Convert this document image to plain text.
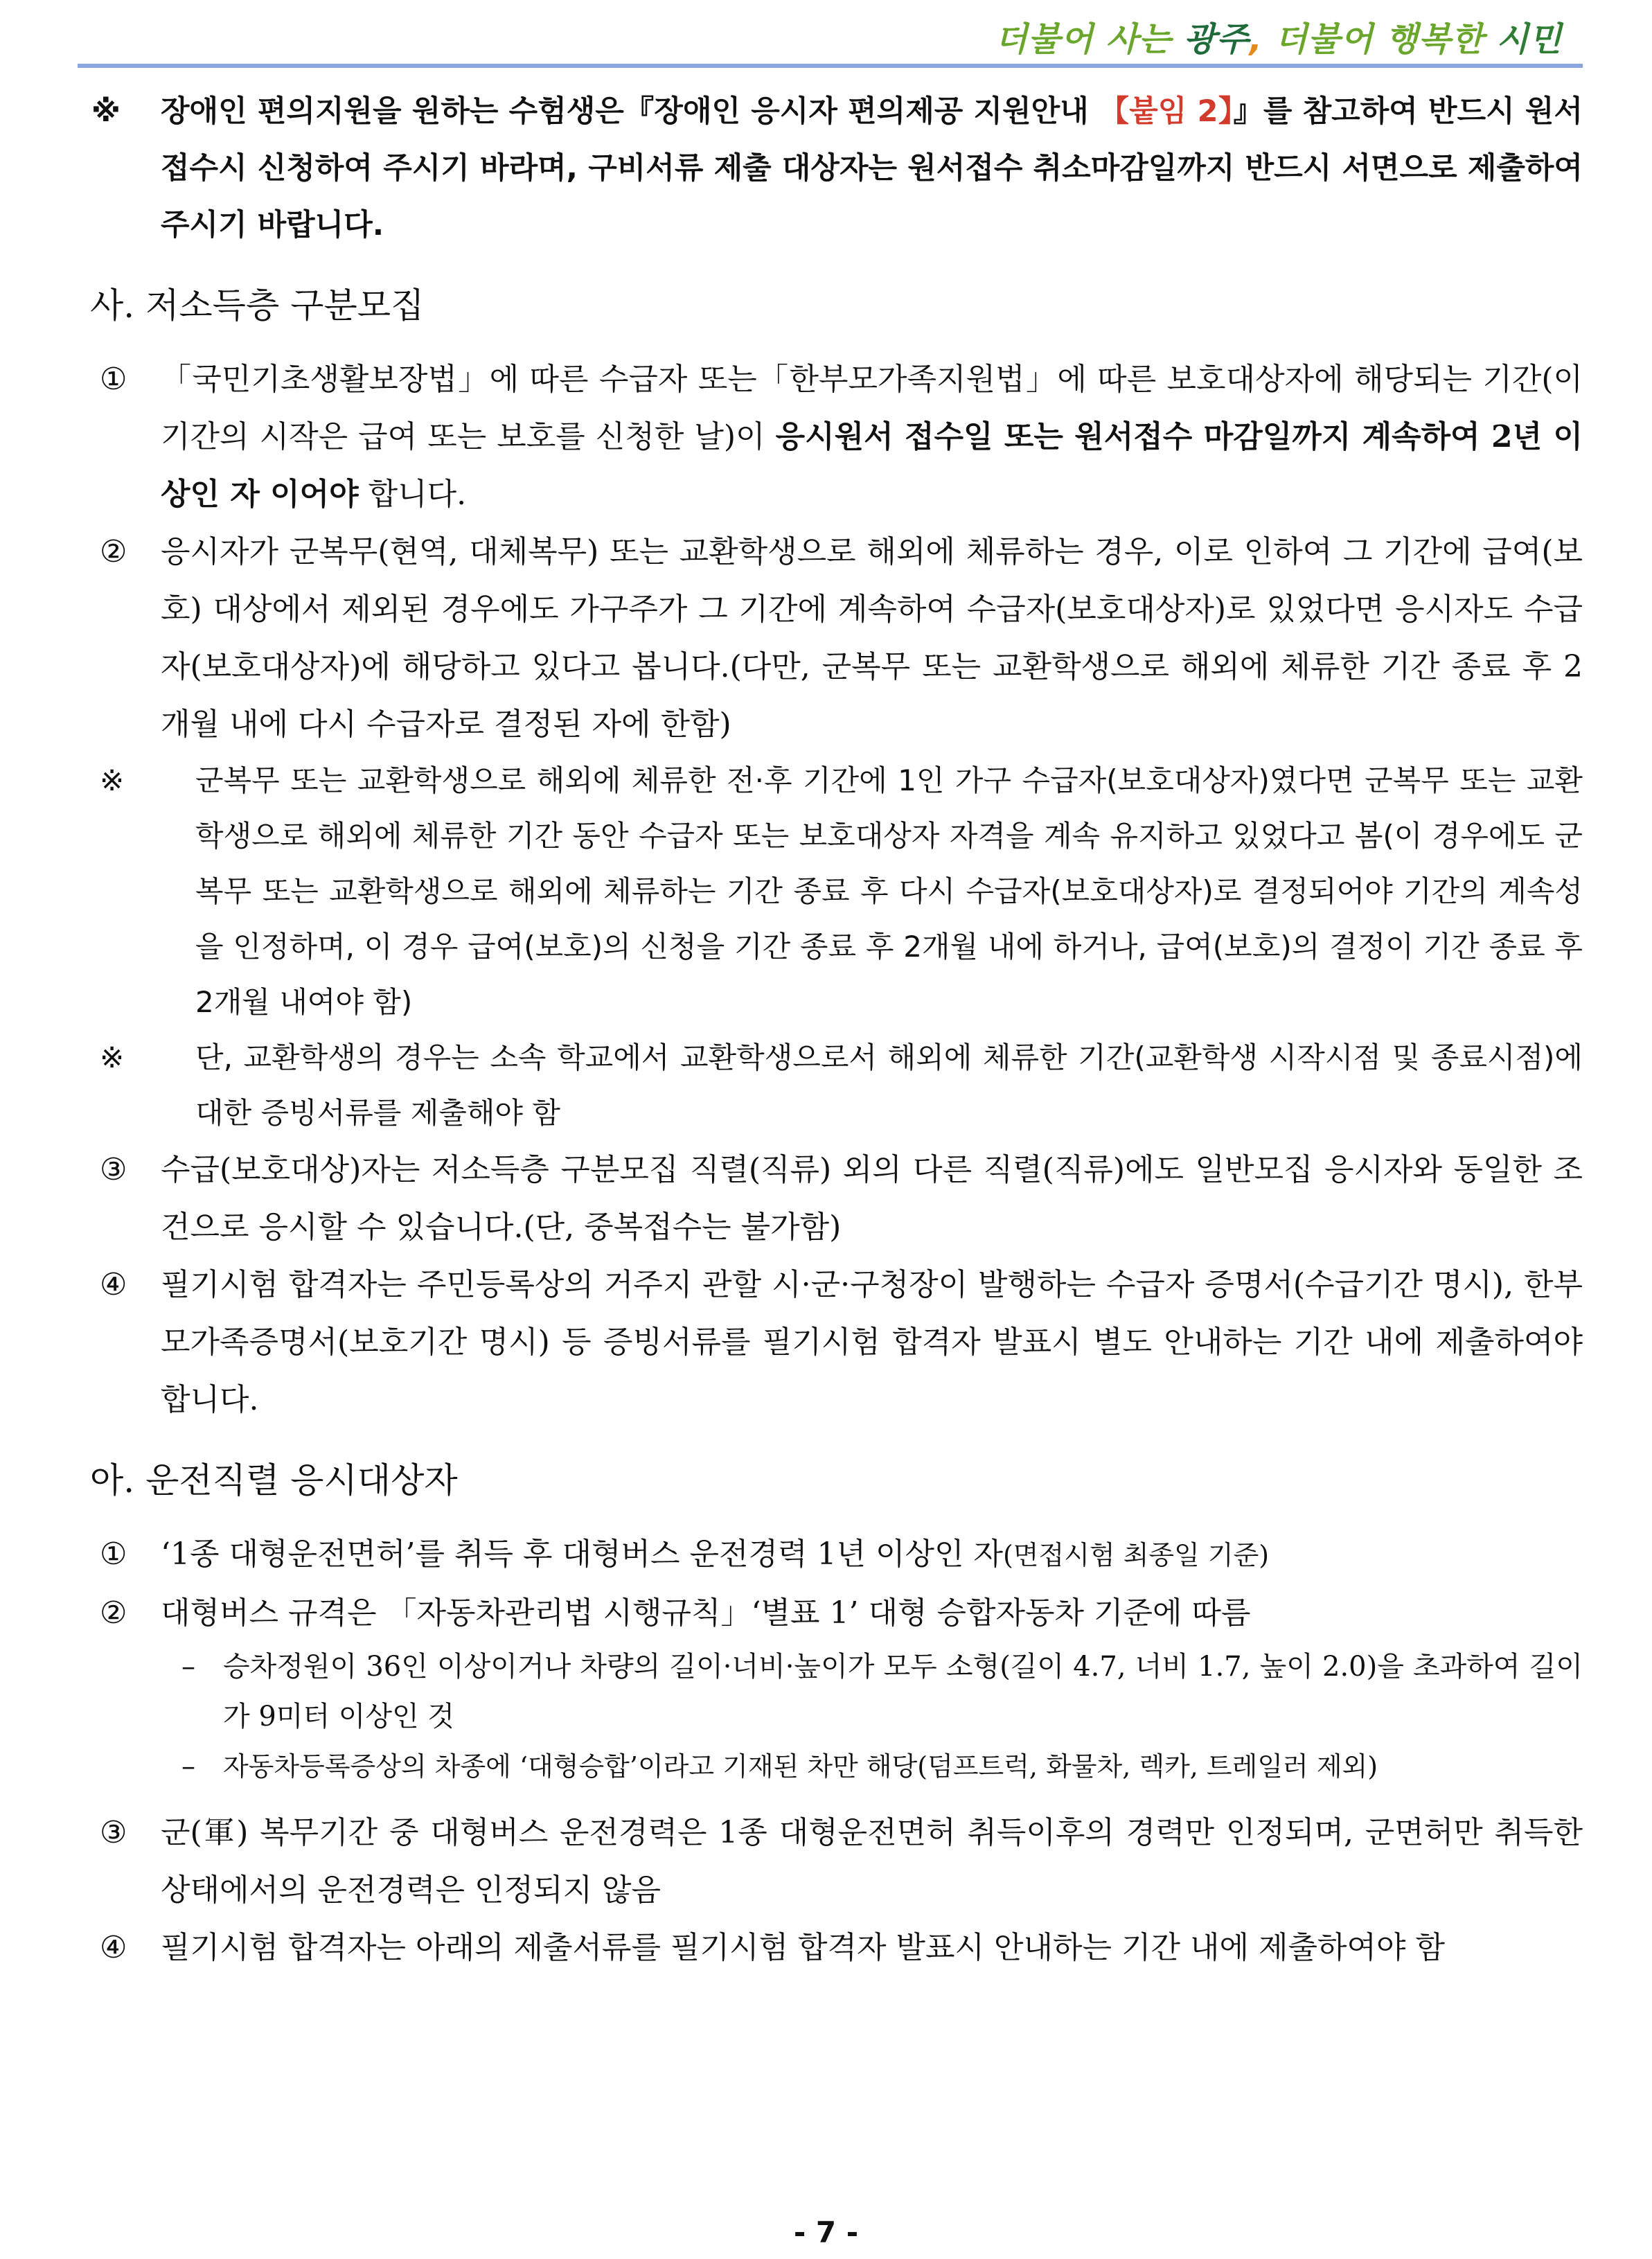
더불어 사는 광주, 더불어 행복한 시민
※	장애인 편의지원을 원하는 수험생은『장애인 응시자 편의제공 지원안내 【붙임 2】』를 참고하여 반드시 원서접수시 신청하여 주시기 바라며, 구비서류 제출 대상자는 원서접수 취소마감일까지 반드시 서면으로 제출하여 주시기 바랍니다.
사. 저소득층 구분모집
①	「국민기초생활보장법」에 따른 수급자 또는「한부모가족지원법」에 따른 보호대상자에 해당되는 기간(이 기간의 시작은 급여 또는 보호를 신청한 날)이 응시원서 접수일 또는 원서접수 마감일까지 계속하여 2년 이상인 자 이어야 합니다.
②	응시자가 군복무(현역, 대체복무) 또는 교환학생으로 해외에 체류하는 경우, 이로 인하여 그 기간에 급여(보호) 대상에서 제외된 경우에도 가구주가 그 기간에 계속하여 수급자(보호대상자)로 있었다면 응시자도 수급자(보호대상자)에 해당하고 있다고 봅니다.(다만, 군복무 또는 교환학생으로 해외에 체류한 기간 종료 후 2개월 내에 다시 수급자로 결정된 자에 한함)
※	군복무 또는 교환학생으로 해외에 체류한 전·후 기간에 1인 가구 수급자(보호대상자)였다면 군복무 또는 교환학생으로 해외에 체류한 기간 동안 수급자 또는 보호대상자 자격을 계속 유지하고 있었다고 봄(이 경우에도 군복무 또는 교환학생으로 해외에 체류하는 기간 종료 후 다시 수급자(보호대상자)로 결정되어야 기간의 계속성을 인정하며, 이 경우 급여(보호)의 신청을 기간 종료 후 2개월 내에 하거나, 급여(보호)의 결정이 기간 종료 후 2개월 내여야 함)
※	단, 교환학생의 경우는 소속 학교에서 교환학생으로서 해외에 체류한 기간(교환학생 시작시점 및 종료시점)에 대한 증빙서류를 제출해야 함
③	수급(보호대상)자는 저소득층 구분모집 직렬(직류) 외의 다른 직렬(직류)에도 일반모집 응시자와 동일한 조건으로 응시할 수 있습니다.(단, 중복접수는 불가함)
④	필기시험 합격자는 주민등록상의 거주지 관할 시·군·구청장이 발행하는 수급자 증명서(수급기간 명시), 한부모가족증명서(보호기간 명시) 등 증빙서류를 필기시험 합격자 발표시 별도 안내하는 기간 내에 제출하여야 합니다.
아. 운전직렬 응시대상자
①	‘1종 대형운전면허’를 취득 후 대형버스 운전경력 1년 이상인 자(면접시험 최종일 기준)
②	대형버스 규격은 「자동차관리법 시행규칙」‘별표 1’ 대형 승합자동차 기준에 따름
–	승차정원이 36인 이상이거나 차량의 길이·너비·높이가 모두 소형(길이 4.7, 너비 1.7, 높이 2.0)을 초과하여 길이가 9미터 이상인 것
–	자동차등록증상의 차종에 ‘대형승합’이라고 기재된 차만 해당(덤프트럭, 화물차, 렉카, 트레일러 제외)
③	군(軍) 복무기간 중 대형버스 운전경력은 1종 대형운전면허 취득이후의 경력만 인정되며, 군면허만 취득한 상태에서의 운전경력은 인정되지 않음
④	필기시험 합격자는 아래의 제출서류를 필기시험 합격자 발표시 안내하는 기간 내에 제출하여야 함
- 7 -
